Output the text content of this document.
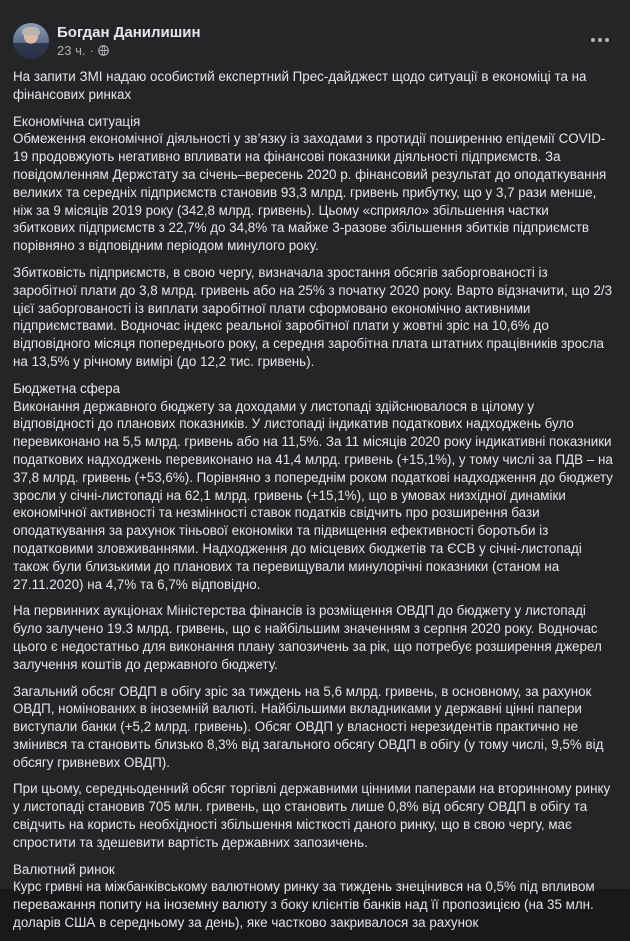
Богдан Данилишин
23 ч. ·

На запити ЗМІ надаю особистий експертний Прес-дайджест щодо ситуації в економіці та на фінансових ринках

Економічна ситуація
Обмеження економічної діяльності у зв’язку із заходами з протидії поширенню епідемії COVID-19 продовжують негативно впливати на фінансові показники діяльності підприємств. За повідомленням Держстату за січень–вересень 2020 р. фінансовий результат до оподаткування великих та середніх підприємств становив 93,3 млрд. гривень прибутку, що у 3,7 рази менше, ніж за 9 місяців 2019 року (342,8 млрд. гривень). Цьому «сприяло» збільшення частки збиткових підприємств з 22,7% до 34,8% та майже 3-разове збільшення збитків підприємств порівняно з відповідним періодом минулого року.

Збитковість підприємств, в свою чергу, визначала зростання обсягів заборгованості із заробітної плати до 3,8 млрд. гривень або на 25% з початку 2020 року. Варто відзначити, що 2/3 цієї заборгованості із виплати заробітної плати сформовано економічно активними підприємствами. Водночас індекс реальної заробітної плати у жовтні зріс на 10,6% до відповідного місяця попереднього року, а середня заробітна плата штатних працівників зросла на 13,5% у річному вимірі (до 12,2 тис. гривень).

Бюджетна сфера
Виконання державного бюджету за доходами у листопаді здійснювалося в цілому у відповідності до планових показників. У листопаді індикатив податкових надходжень було перевиконано на 5,5 млрд. гривень або на 11,5%. За 11 місяців 2020 року індикативні показники податкових надходжень перевиконано на 41,4 млрд. гривень (+15,1%), у тому числі за ПДВ – на 37,8 млрд. гривень (+53,6%). Порівняно з попереднім роком податкові надходження до бюджету зросли у січні-листопаді на 62,1 млрд. гривень (+15,1%), що в умовах низхідної динаміки економічної активності та незмінності ставок податків свідчить про розширення бази оподаткування за рахунок тіньової економіки та підвищення ефективності боротьби із податковими зловживаннями. Надходження до місцевих бюджетів та ЄСВ у січні-листопаді також були близькими до планових та перевищували минулорічні показники (станом на 27.11.2020) на 4,7% та 6,7% відповідно.

На первинних аукціонах Міністерства фінансів із розміщення ОВДП до бюджету у листопаді було залучено 19.3 млрд. гривень, що є найбільшим значенням з серпня 2020 року. Водночас цього є недостатньо для виконання плану запозичень за рік, що потребує розширення джерел залучення коштів до державного бюджету.

Загальний обсяг ОВДП в обігу зріс за тиждень на 5,6 млрд. гривень, в основному, за рахунок ОВДП, номінованих в іноземній валюті. Найбільшими вкладниками у державні цінні папери виступали банки (+5,2 млрд. гривень). Обсяг ОВДП у власності нерезидентів практично не змінився та становить близько 8,3% від загального обсягу ОВДП в обігу (у тому числі, 9,5% від обсягу гривневих ОВДП).

При цьому, середньоденний обсяг торгівлі державними цінними паперами на вторинному ринку у листопаді становив 705 млн. гривень, що становить лише 0,8% від обсягу ОВДП в обігу та свідчить на користь необхідності збільшення місткості даного ринку, що в свою чергу, має спростити та здешевити вартість державних запозичень.

Валютний ринок
Курс гривні на міжбанківському валютному ринку за тиждень знецінився на 0,5% під впливом переважання попиту на іноземну валюту з боку клієнтів банків над її пропозицією (на 35 млн. доларів США в середньому за день), яке частково закривалося за рахунок
